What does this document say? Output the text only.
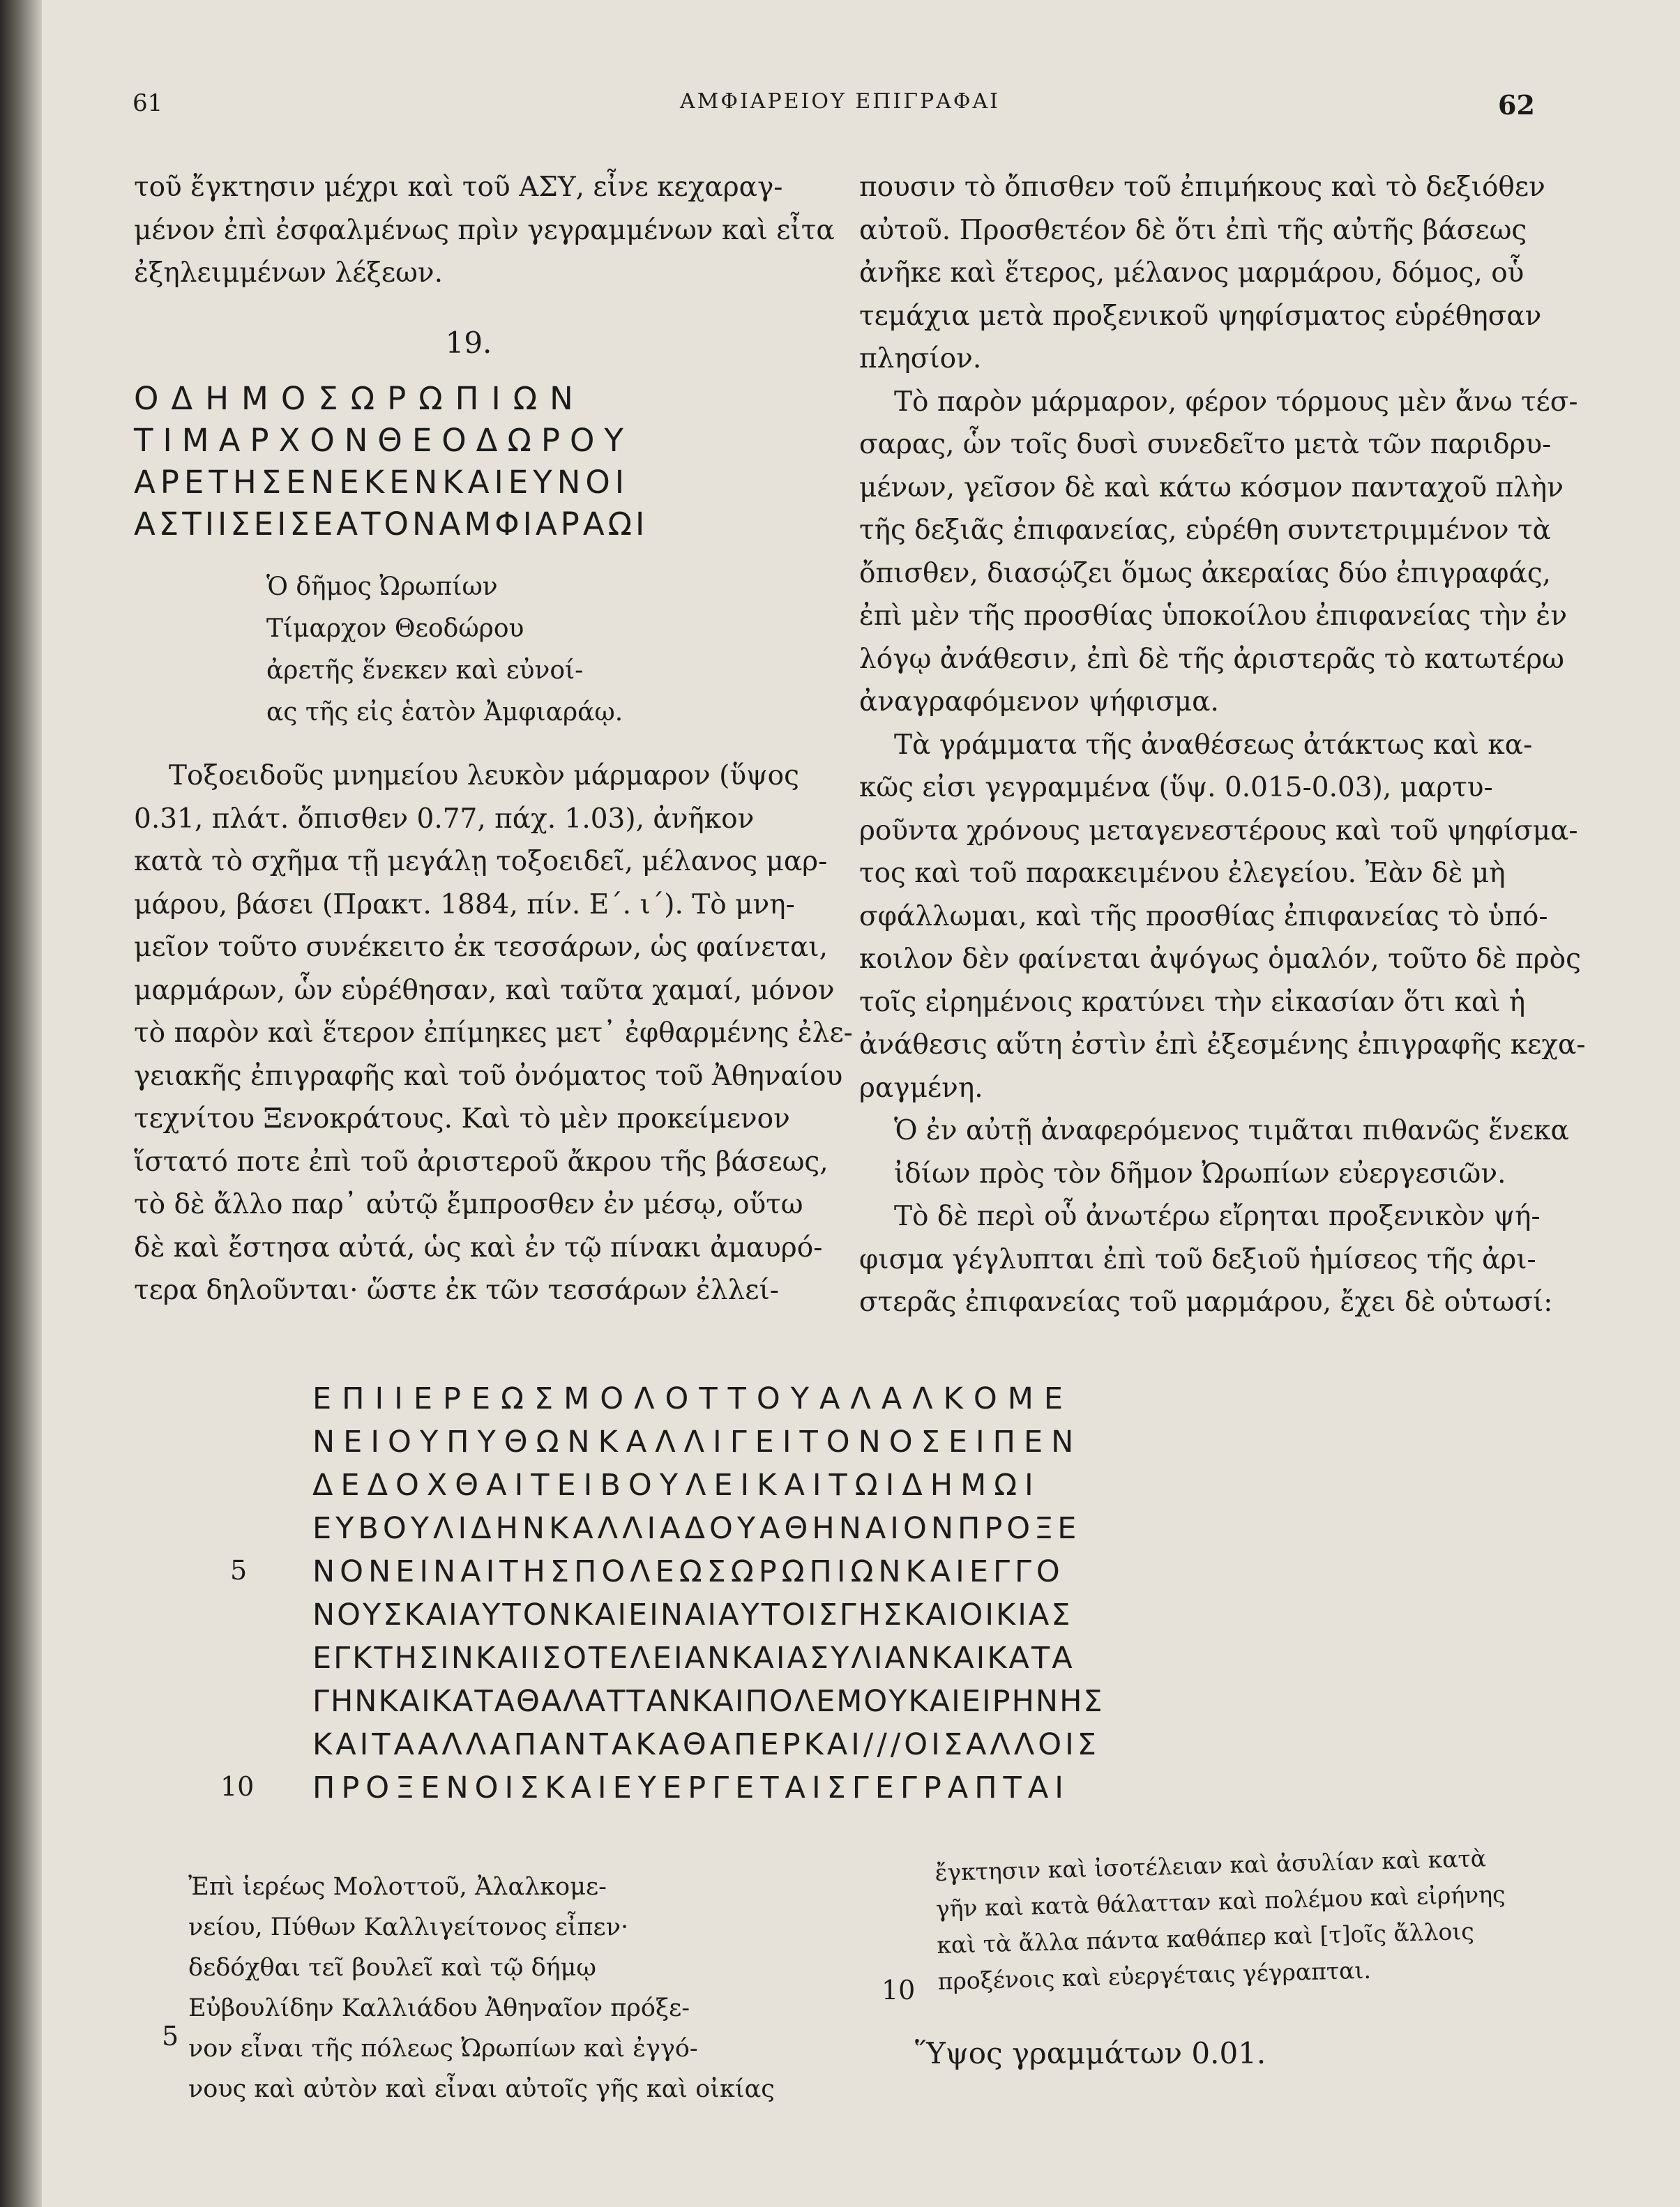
61	ΑΜΦΙΑΡΕΙΟΥ ΕΠΙΓΡΑΦΑΙ	62

τοῦ ἔγκτησιν μέχρι καὶ τοῦ ΑΣΥ, εἶνε κεχαραγ-
μένον ἐπὶ ἐσφαλμένως πρὶν γεγραμμένων καὶ εἶτα
ἐξηλειμμένων λέξεων.

19.
ΟΔΗΜΟΣΩΡΩΠΙΩΝ
ΤΙΜΑΡΧΟΝΘΕΟΔΩΡΟΥ
ΑΡΕΤΗΣΕΝΕΚΕΝΚΑΙΕΥΝΟΙ
ΑΣΤΙΙΣΕΙΣΕΑΤΟΝΑΜΦΙΑΡΑΩΙ
Ὁ δῆμος Ὠρωπίων
Τίμαρχον Θεοδώρου
ἀρετῆς ἕνεκεν καὶ εὐνοί-
ας τῆς εἰς ἑατὸν Ἀμφιαράῳ.

Τοξοειδοῦς μνημείου λευκὸν μάρμαρον (ὕψος
0.31, πλάτ. ὄπισθεν 0.77, πάχ. 1.03), ἀνῆκον
κατὰ τὸ σχῆμα τῇ μεγάλῃ τοξοειδεῖ, μέλανος μαρ-
μάρου, βάσει (Πρακτ. 1884, πίν. Ε΄. ι΄). Τὸ μνη-
μεῖον τοῦτο συνέκειτο ἐκ τεσσάρων, ὡς φαίνεται,
μαρμάρων, ὧν εὑρέθησαν, καὶ ταῦτα χαμαί, μόνον
τὸ παρὸν καὶ ἕτερον ἐπίμηκες μετ᾽ ἐφθαρμένης ἐλε-
γειακῆς ἐπιγραφῆς καὶ τοῦ ὀνόματος τοῦ Ἀθηναίου
τεχνίτου Ξενοκράτους. Καὶ τὸ μὲν προκείμενον
ἵστατό ποτε ἐπὶ τοῦ ἀριστεροῦ ἄκρου τῆς βάσεως,
τὸ δὲ ἄλλο παρ᾽ αὐτῷ ἔμπροσθεν ἐν μέσῳ, οὕτω
δὲ καὶ ἔστησα αὐτά, ὡς καὶ ἐν τῷ πίνακι ἀμαυρό-
τερα δηλοῦνται· ὥστε ἐκ τῶν τεσσάρων ἐλλεί-

πουσιν τὸ ὄπισθεν τοῦ ἐπιμήκους καὶ τὸ δεξιόθεν
αὐτοῦ. Προσθετέον δὲ ὅτι ἐπὶ τῆς αὐτῆς βάσεως
ἀνῆκε καὶ ἕτερος, μέλανος μαρμάρου, δόμος, οὗ
τεμάχια μετὰ προξενικοῦ ψηφίσματος εὑρέθησαν
πλησίον.

Τὸ παρὸν μάρμαρον, φέρον τόρμους μὲν ἄνω τέσ-
σαρας, ὧν τοῖς δυσὶ συνεδεῖτο μετὰ τῶν παριδρυ-
μένων, γεῖσον δὲ καὶ κάτω κόσμον πανταχοῦ πλὴν
τῆς δεξιᾶς ἐπιφανείας, εὑρέθη συντετριμμένον τὰ
ὄπισθεν, διασῴζει ὅμως ἀκεραίας δύο ἐπιγραφάς,
ἐπὶ μὲν τῆς προσθίας ὑποκοίλου ἐπιφανείας τὴν ἐν
λόγῳ ἀνάθεσιν, ἐπὶ δὲ τῆς ἀριστερᾶς τὸ κατωτέρω
ἀναγραφόμενον ψήφισμα.

Τὰ γράμματα τῆς ἀναθέσεως ἀτάκτως καὶ κα-
κῶς εἰσι γεγραμμένα (ὕψ. 0.015-0.03), μαρτυ-
ροῦντα χρόνους μεταγενεστέρους καὶ τοῦ ψηφίσμα-
τος καὶ τοῦ παρακειμένου ἐλεγείου. Ἐὰν δὲ μὴ
σφάλλωμαι, καὶ τῆς προσθίας ἐπιφανείας τὸ ὑπό-
κοιλον δὲν φαίνεται ἀψόγως ὁμαλόν, τοῦτο δὲ πρὸς
τοῖς εἰρημένοις κρατύνει τὴν εἰκασίαν ὅτι καὶ ἡ
ἀνάθεσις αὕτη ἐστὶν ἐπὶ ἐξεσμένης ἐπιγραφῆς κεχα-
ραγμένη.

Ὁ ἐν αὐτῇ ἀναφερόμενος τιμᾶται πιθανῶς ἕνεκα
ἰδίων πρὸς τὸν δῆμον Ὠρωπίων εὐεργεσιῶν.

Τὸ δὲ περὶ οὗ ἀνωτέρω εἴρηται προξενικὸν ψή-
φισμα γέγλυπται ἐπὶ τοῦ δεξιοῦ ἡμίσεος τῆς ἀρι-
στερᾶς ἐπιφανείας τοῦ μαρμάρου, ἔχει δὲ οὑτωσί:

ΕΠΙΙΕΡΕΩΣΜΟΛΟΤΤΟΥΑΛΑΛΚΟΜΕ
ΝΕΙΟΥΠΥΘΩΝΚΑΛΛΙΓΕΙΤΟΝΟΣΕΙΠΕΝ
ΔΕΔΟΧΘΑΙΤΕΙΒΟΥΛΕΙΚΑΙΤΩΙΔΗΜΩΙ
ΕΥΒΟΥΛΙΔΗΝΚΑΛΛΙΑΔΟΥΑΘΗΝΑΙΟΝΠΡΟΞΕ
ΝΟΝΕΙΝΑΙΤΗΣΠΟΛΕΩΣΩΡΩΠΙΩΝΚΑΙΕΓΓΟ
ΝΟΥΣΚΑΙΑΥΤΟΝΚΑΙΕΙΝΑΙΑΥΤΟΙΣΓΗΣΚΑΙΟΙΚΙΑΣ
ΕΓΚΤΗΣΙΝΚΑΙΙΣΟΤΕΛΕΙΑΝΚΑΙΑΣΥΛΙΑΝΚΑΙΚΑΤΑ
ΓΗΝΚΑΙΚΑΤΑΘΑΛΑΤΤΑΝΚΑΙΠΟΛΕΜΟΥΚΑΙΕΙΡΗΝΗΣ
ΚΑΙΤΑΑΛΛΑΠΑΝΤΑΚΑΘΑΠΕΡΚΑΙ///ΟΙΣΑΛΛΟΙΣ
ΠΡΟΞΕΝΟΙΣΚΑΙΕΥΕΡΓΕΤΑΙΣΓΕΓΡΑΠΤΑΙ
5
10
Ἐπὶ ἱερέως Μολοττοῦ, Ἀλαλκομε-
νείου, Πύθων Καλλιγείτονος εἶπεν·
δεδόχθαι τεῖ βουλεῖ καὶ τῷ δήμῳ
Εὐβουλίδην Καλλιάδου Ἀθηναῖον πρόξε-
νον εἶναι τῆς πόλεως Ὠρωπίων καὶ ἐγγό-
νους καὶ αὐτὸν καὶ εἶναι αὐτοῖς γῆς καὶ οἰκίας
5
ἔγκτησιν καὶ ἰσοτέλειαν καὶ ἀσυλίαν καὶ κατὰ
γῆν καὶ κατὰ θάλατταν καὶ πολέμου καὶ εἰρήνης
καὶ τὰ ἄλλα πάντα καθάπερ καὶ [τ]οῖς ἄλλοις
προξένοις καὶ εὐεργέταις γέγραπται.
10
Ὕψος γραμμάτων 0.01.
